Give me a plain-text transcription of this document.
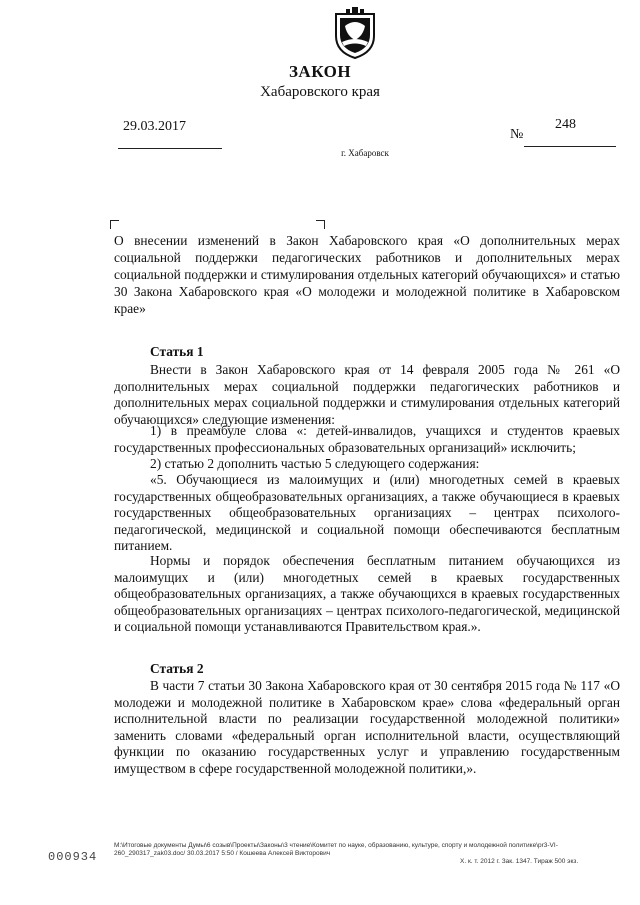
ЗАКОН
Хабаровского края
29.03.2017
№
248
г. Хабаровск
О внесении изменений в Закон Хабаровского края «О дополнительных мерах социальной поддержки педагогических работников и дополнительных мерах социальной поддержки и стимулирования отдельных категорий обучающихся» и статью 30 Закона Хабаровского края «О молодежи и молодежной политике в Хабаровском крае»
Статья 1
Внести в Закон Хабаровского края от 14 февраля 2005 года № 261 «О дополнительных мерах социальной поддержки педагогических работников и дополнительных мерах социальной поддержки и стимулирования отдельных категорий обучающихся» следующие изменения:
1) в преамбуле слова «: детей-инвалидов, учащихся и студентов краевых государственных профессиональных образовательных организаций» исключить;
2) статью 2 дополнить частью 5 следующего содержания:
«5. Обучающиеся из малоимущих и (или) многодетных семей в краевых государственных общеобразовательных организациях, а также обучающиеся в краевых государственных общеобразовательных организациях – центрах психолого-педагогической, медицинской и социальной помощи обеспечиваются бесплатным питанием.
Нормы и порядок обеспечения бесплатным питанием обучающихся из малоимущих и (или) многодетных семей в краевых государственных общеобразовательных организациях, а также обучающихся в краевых государственных общеобразовательных организациях – центрах психолого-педагогической, медицинской и социальной помощи устанавливаются Правительством края.».
Статья 2
В части 7 статьи 30 Закона Хабаровского края от 30 сентября 2015 года № 117 «О молодежи и молодежной политике в Хабаровском крае» слова «федеральный орган исполнительной власти по реализации государственной молодежной политики» заменить словами «федеральный орган исполнительной власти, осуществляющий функции по оказанию государственных услуг и управлению государственным имуществом в сфере государственной молодежной политики,».
000934
M:\Итоговые документы Думы\6 созыв\Проекты\Законы\3 чтение\Комитет по науке, образованию, культуре, спорту и молодежной политике\pr3-VI-260_290317_zak03.doc/ 30.03.2017 5:50 / Кошеева Алексей Викторович
Х. к. т. 2012 г. Зак. 1347. Тираж 500 экз.
